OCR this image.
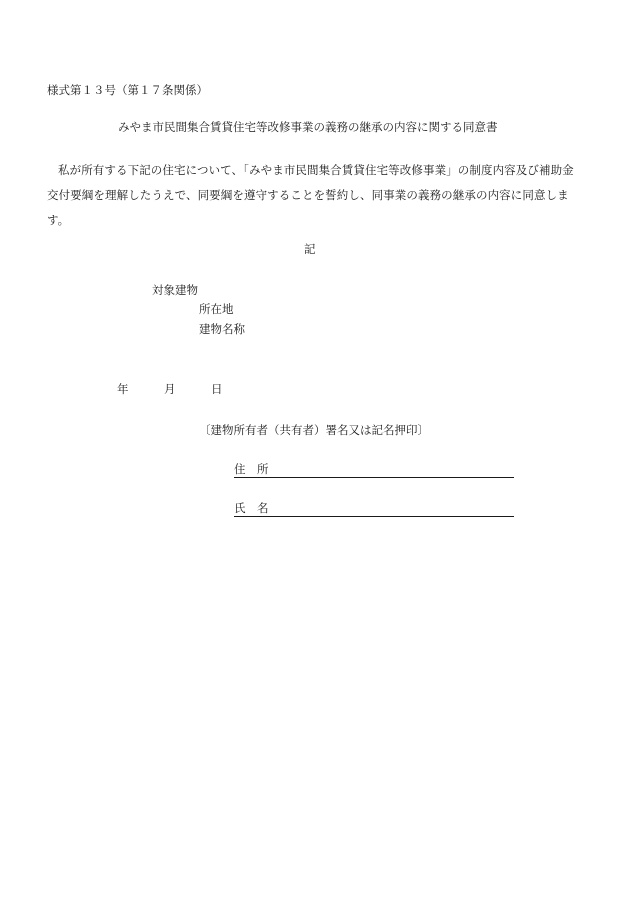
様式第１３号（第１７条関係）
みやま市民間集合賃貸住宅等改修事業の義務の継承の内容に関する同意書
私が所有する下記の住宅について、「みやま市民間集合賃貸住宅等改修事業」の制度内容及び補助金交付要綱を理解したうえで、同要綱を遵守することを誓約し、同事業の義務の継承の内容に同意します。
記
対象建物
所在地
建物名称
年	月	日
〔建物所有者（共有者）署名又は記名押印〕
住　所
氏　名
